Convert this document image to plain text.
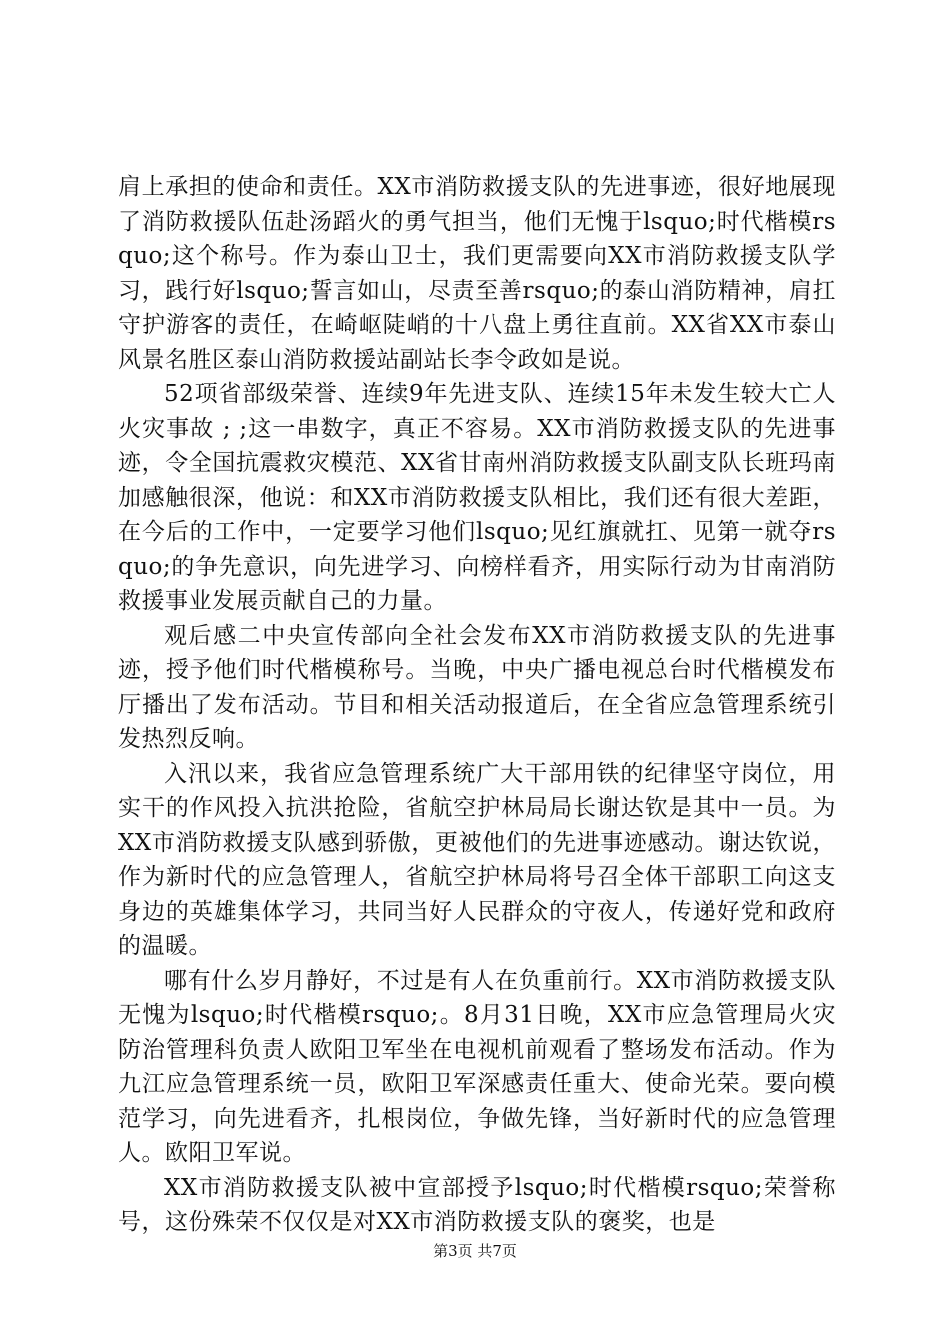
肩上承担的使命和责任。XX市消防救援支队的先进事迹，很好地展现了消防救援队伍赴汤蹈火的勇气担当，他们无愧于lsquo;时代楷模rsquo;这个称号。作为泰山卫士，我们更需要向XX市消防救援支队学习，践行好lsquo;誓言如山，尽责至善rsquo;的泰山消防精神，肩扛守护游客的责任，在崎岖陡峭的十八盘上勇往直前。XX省XX市泰山风景名胜区泰山消防救援站副站长李令政如是说。

52项省部级荣誉、连续9年先进支队、连续15年未发生较大亡人火灾事故 ; ;这一串数字，真正不容易。XX市消防救援支队的先进事迹，令全国抗震救灾模范、XX省甘南州消防救援支队副支队长班玛南加感触很深，他说：和XX市消防救援支队相比，我们还有很大差距，在今后的工作中，一定要学习他们lsquo;见红旗就扛、见第一就夺rsquo;的争先意识，向先进学习、向榜样看齐，用实际行动为甘南消防救援事业发展贡献自己的力量。

观后感二中央宣传部向全社会发布XX市消防救援支队的先进事迹，授予他们时代楷模称号。当晚，中央广播电视总台时代楷模发布厅播出了发布活动。节目和相关活动报道后，在全省应急管理系统引发热烈反响。

入汛以来，我省应急管理系统广大干部用铁的纪律坚守岗位，用实干的作风投入抗洪抢险，省航空护林局局长谢达钦是其中一员。为XX市消防救援支队感到骄傲，更被他们的先进事迹感动。谢达钦说，作为新时代的应急管理人，省航空护林局将号召全体干部职工向这支身边的英雄集体学习，共同当好人民群众的守夜人，传递好党和政府的温暖。

哪有什么岁月静好，不过是有人在负重前行。XX市消防救援支队无愧为lsquo;时代楷模rsquo;。8月31日晚，XX市应急管理局火灾防治管理科负责人欧阳卫军坐在电视机前观看了整场发布活动。作为九江应急管理系统一员，欧阳卫军深感责任重大、使命光荣。要向模范学习，向先进看齐，扎根岗位，争做先锋，当好新时代的应急管理人。欧阳卫军说。

XX市消防救援支队被中宣部授予lsquo;时代楷模rsquo;荣誉称号，这份殊荣不仅仅是对XX市消防救援支队的褒奖，也是

第3页 共7页
